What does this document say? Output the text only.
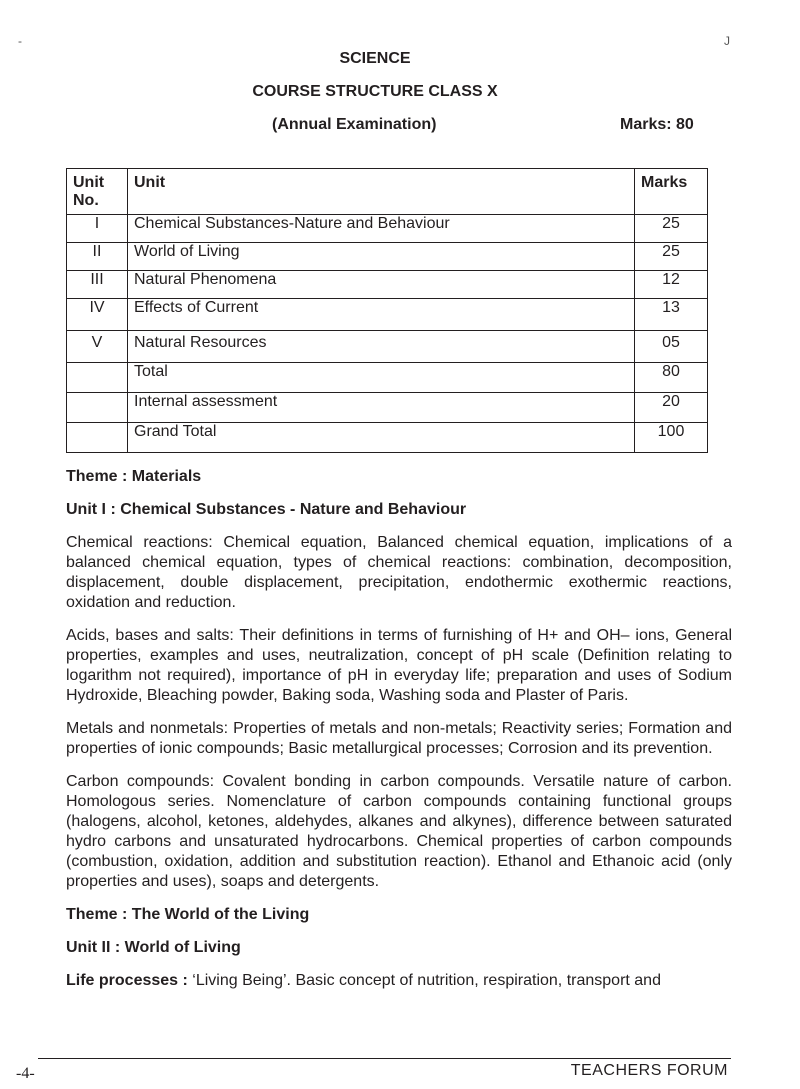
-	J
SCIENCE
COURSE STRUCTURE CLASS X
(Annual Examination)	Marks: 80
Unit No.	Unit	Marks
I	Chemical Substances-Nature and Behaviour	25
II	World of Living	25
III	Natural Phenomena	12
IV	Effects of Current	13
V	Natural Resources	05
	Total	80
	Internal assessment	20
	Grand Total	100
Theme : Materials
Unit I : Chemical Substances - Nature and Behaviour

Chemical reactions: Chemical equation, Balanced chemical equation, implications of a balanced chemical equation, types of chemical reactions: combination, decomposition, displacement, double displacement, precipitation, endothermic exothermic reactions, oxidation and reduction.

Acids, bases and salts: Their definitions in terms of furnishing of H+ and OH– ions, General properties, examples and uses, neutralization, concept of pH scale (Definition relating to logarithm not required), importance of pH in everyday life; preparation and uses of Sodium Hydroxide, Bleaching powder, Baking soda, Washing soda and Plaster of Paris.

Metals and nonmetals: Properties of metals and non-metals; Reactivity series; Formation and properties of ionic compounds; Basic metallurgical processes; Corrosion and its prevention.

Carbon compounds: Covalent bonding in carbon compounds. Versatile nature of carbon. Homologous series. Nomenclature of carbon compounds containing functional groups (halogens, alcohol, ketones, aldehydes, alkanes and alkynes), difference between saturated hydro carbons and unsaturated hydrocarbons. Chemical properties of carbon compounds (combustion, oxidation, addition and substitution reaction). Ethanol and Ethanoic acid (only properties and uses), soaps and detergents.

Theme : The World of the Living
Unit II : World of Living

Life processes : ‘Living Being’. Basic concept of nutrition, respiration, transport and

-4-	TEACHERS FORUM
